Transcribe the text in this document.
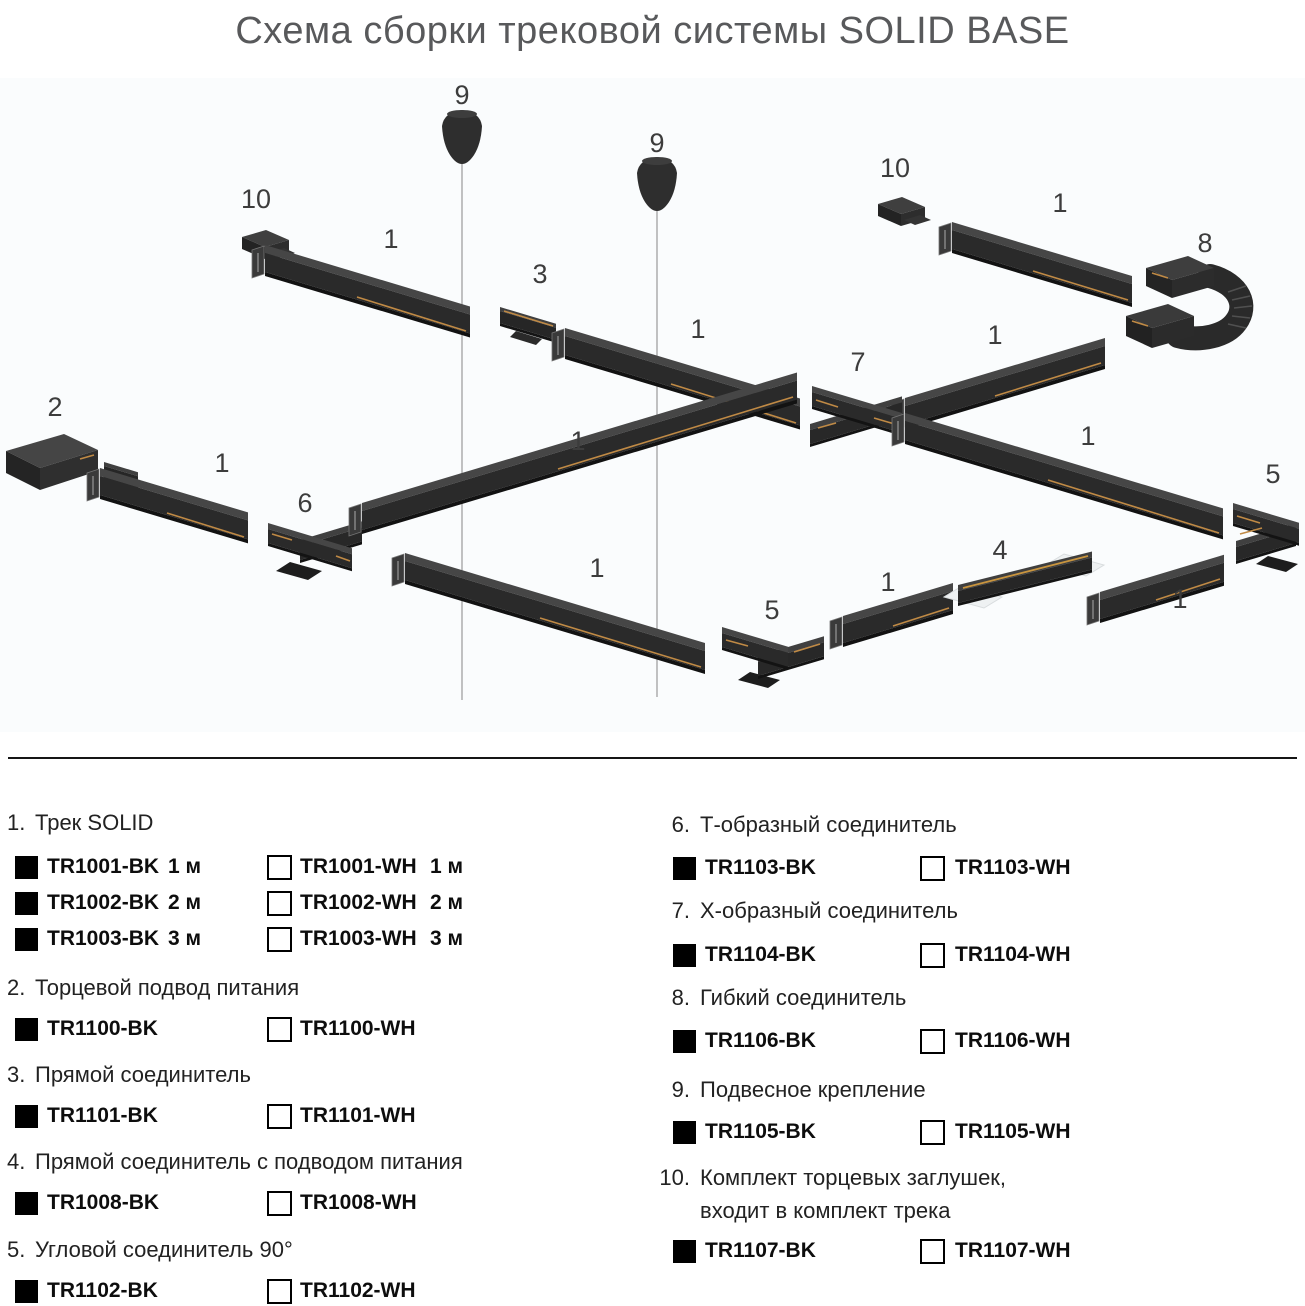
Схема сборки трековой системы SOLID BASE
9
9
10
1
3
1
10
1
8
7
1
2
1
6
1	1
5
1
5
4
1
1
1. Трек SOLID
TR1001-BK 1 м	TR1001-WH 1 м
TR1002-BK 2 м	TR1002-WH 2 м
TR1003-BK 3 м	TR1003-WH 3 м
2. Торцевой подвод питания
TR1100-BK	TR1100-WH
3. Прямой соединитель
TR1101-BK	TR1101-WH
4. Прямой соединитель с подводом питания
TR1008-BK	TR1008-WH
5. Угловой соединитель 90°
TR1102-BK	TR1102-WH
6. Т-образный соединитель
TR1103-BK	TR1103-WH
7. Х-образный соединитель
TR1104-BK	TR1104-WH
8. Гибкий соединитель
TR1106-BK	TR1106-WH
9. Подвесное крепление
TR1105-BK	TR1105-WH
10. Комплект торцевых заглушек,
входит в комплект трека
TR1107-BK	TR1107-WH
